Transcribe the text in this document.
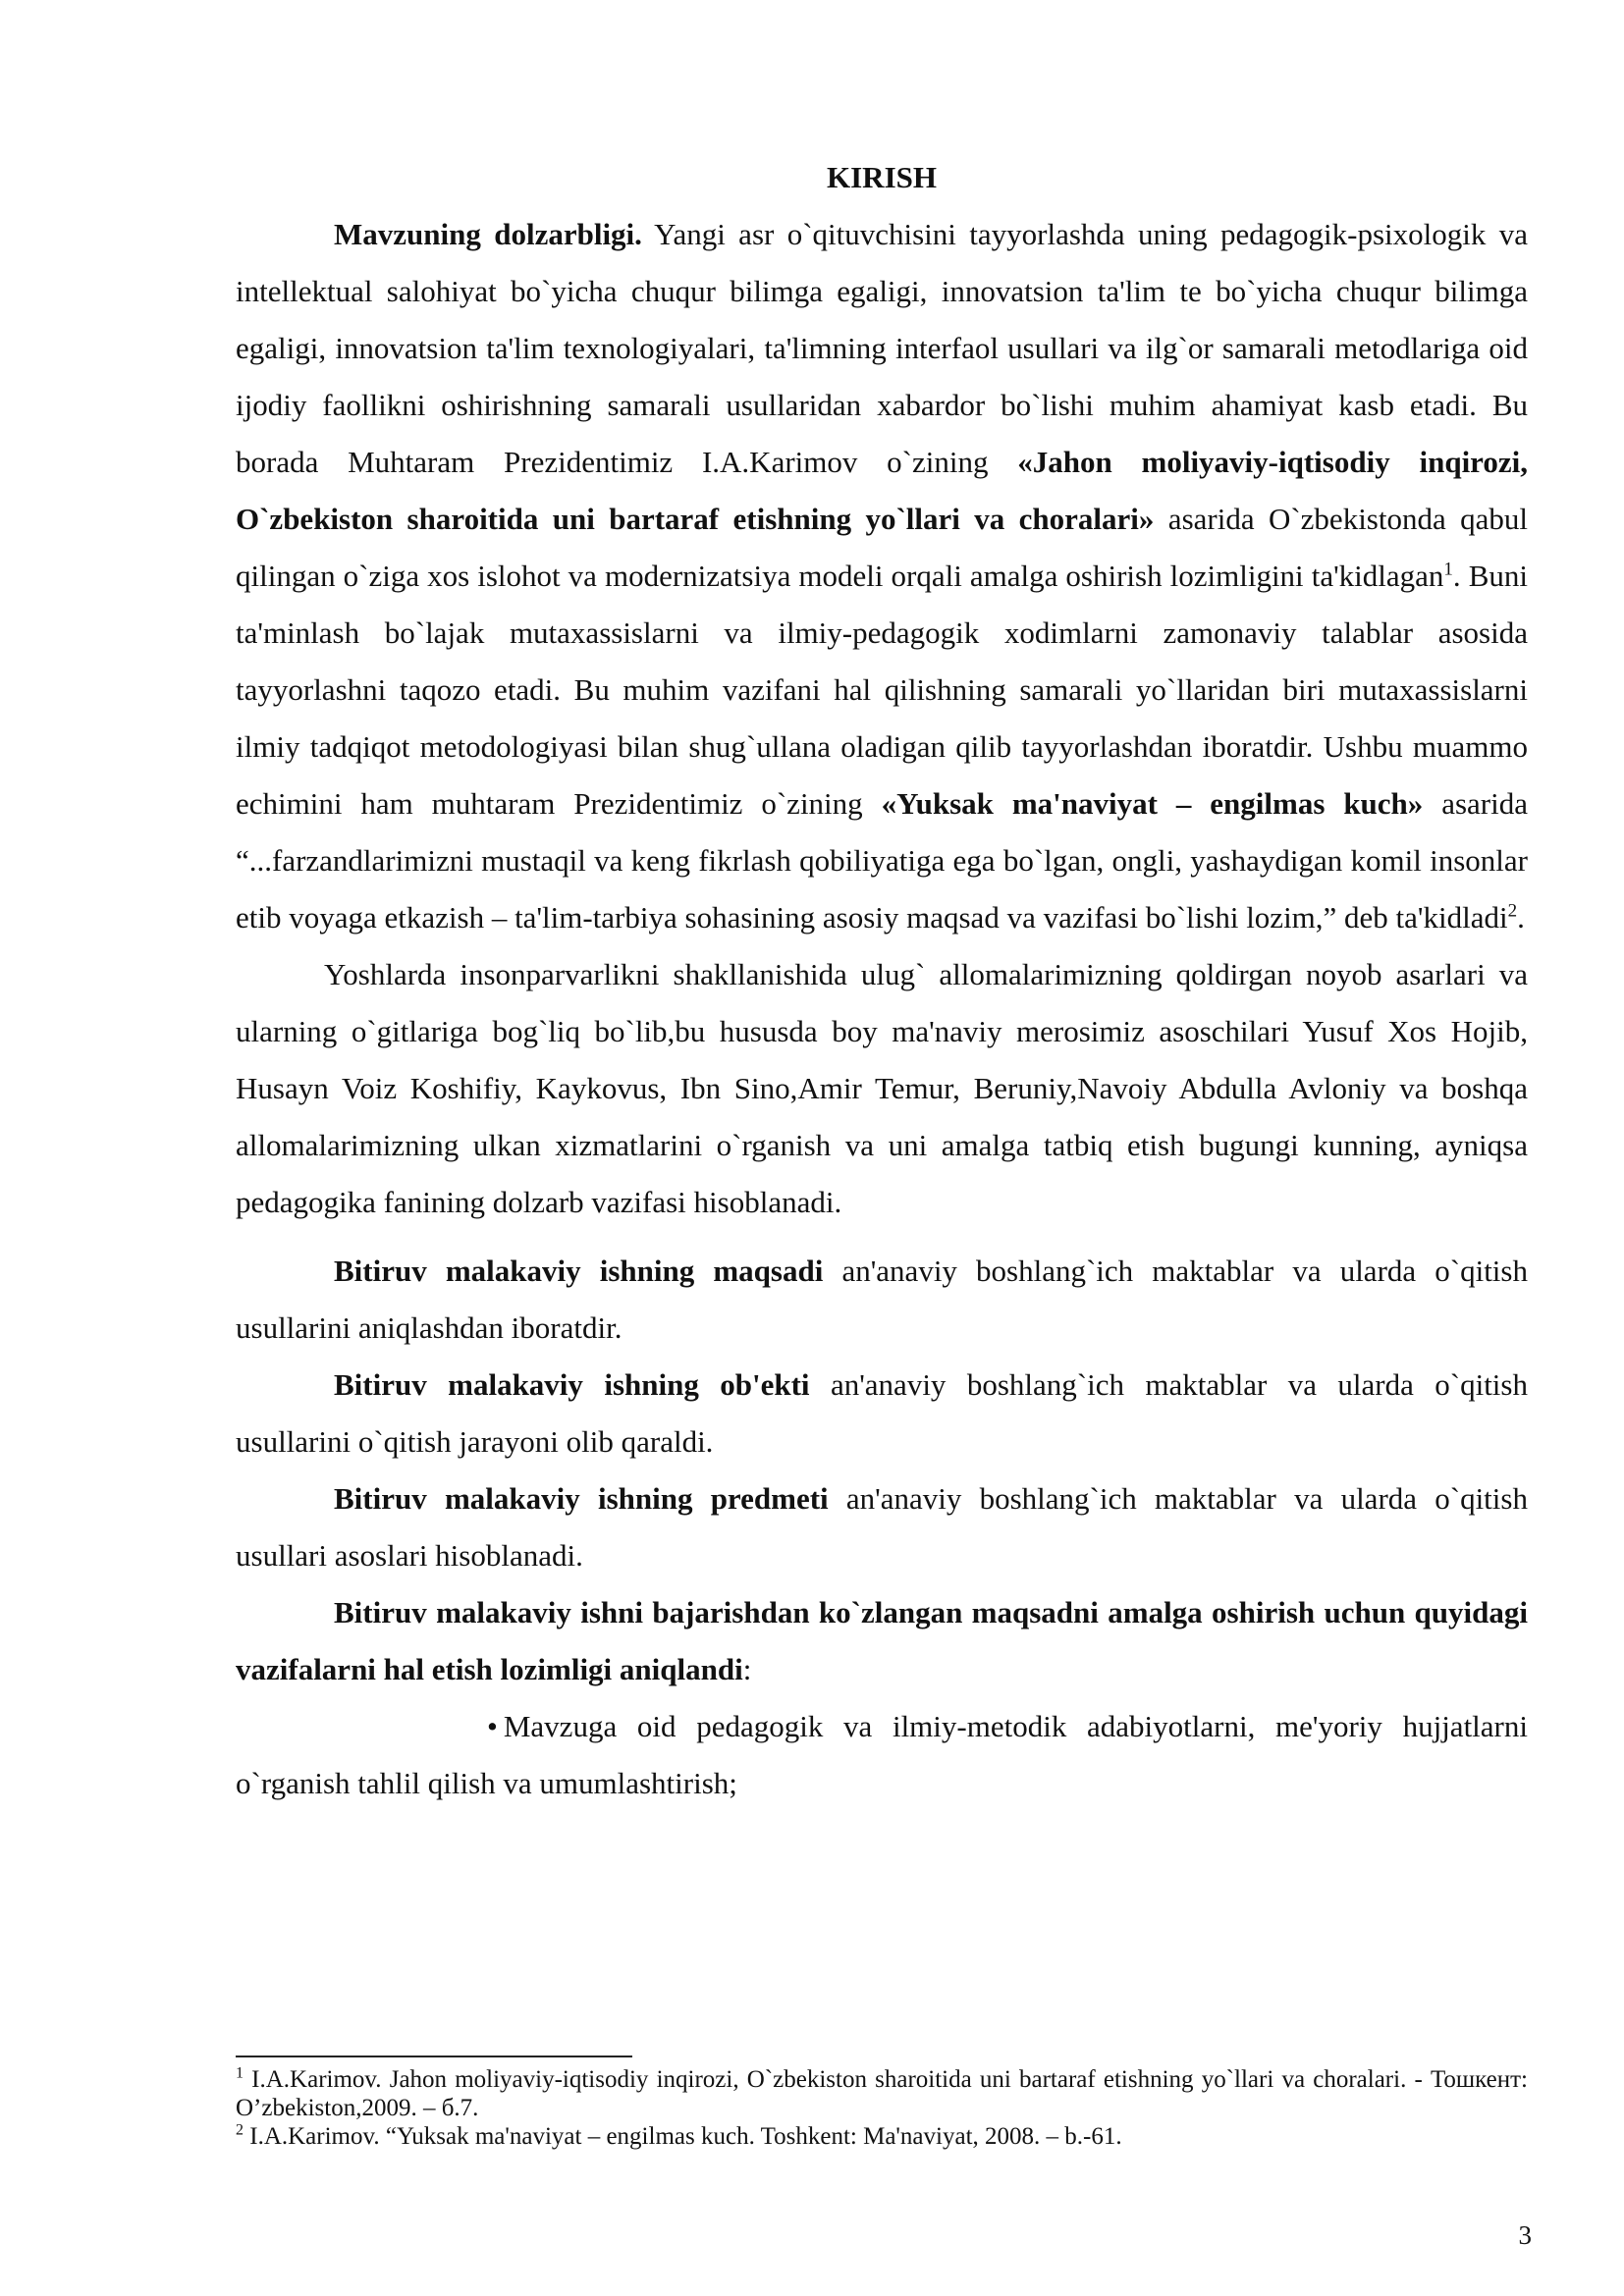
KIRISH

Mavzuning dolzarbligi. Yangi asr o`qituvchisini tayyorlashda uning pedagogik-psixologik va intellektual salohiyat bo`yicha chuqur bilimga egaligi, innovatsion ta'lim te bo`yicha chuqur bilimga egaligi, innovatsion ta'lim texnologiyalari, ta'limning interfaol usullari va ilg`or samarali metodlariga oid ijodiy faollikni oshirishning samarali usullaridan xabardor bo`lishi muhim ahamiyat kasb etadi. Bu borada Muhtaram Prezidentimiz I.A.Karimov o`zining «Jahon moliyaviy-iqtisodiy inqirozi, O`zbekiston sharoitida uni bartaraf etishning yo`llari va choralari» asarida O`zbekistonda qabul qilingan o`ziga xos islohot va modernizatsiya modeli orqali amalga oshirish lozimligini ta'kidlagan$^1$. Buni ta'minlash bo`lajak mutaxassislarni va ilmiy-pedagogik xodimlarni zamonaviy talablar asosida tayyorlashni taqozo etadi. Bu muhim vazifani hal qilishning samarali yo`llaridan biri mutaxassislarni ilmiy tadqiqot metodologiyasi bilan shug`ullana oladigan qilib tayyorlashdan iboratdir. Ushbu muammo echimini ham muhtaram Prezidentimiz o`zining «Yuksak ma'naviyat – engilmas kuch» asarida “...farzandlarimizni mustaqil va keng fikrlash qobiliyatiga ega bo`lgan, ongli, yashaydigan komil insonlar etib voyaga etkazish – ta'lim-tarbiya sohasining asosiy maqsad va vazifasi bo`lishi lozim,” deb ta'kidladi$^2$.

Yoshlarda insonparvarlikni shakllanishida ulug` allomalarimizning qoldirgan noyob asarlari va ularning o`gitlariga bog`liq bo`lib,bu hususda boy ma'naviy merosimiz asoschilari Yusuf Xos Hojib, Husayn Voiz Koshifiy, Kaykovus, Ibn Sino,Amir Temur, Beruniy,Navoiy Abdulla Avloniy va boshqa allomalarimizning ulkan xizmatlarini o`rganish va uni amalga tatbiq etish bugungi kunning, ayniqsa pedagogika fanining dolzarb vazifasi hisoblanadi.

Bitiruv malakaviy ishning maqsadi an'anaviy boshlang`ich maktablar va ularda o`qitish usullarini aniqlashdan iboratdir.

Bitiruv malakaviy ishning ob'ekti an'anaviy boshlang`ich maktablar va ularda o`qitish usullarini o`qitish jarayoni olib qaraldi.

Bitiruv malakaviy ishning predmeti an'anaviy boshlang`ich maktablar va ularda o`qitish usullari asoslari hisoblanadi.

Bitiruv malakaviy ishni bajarishdan ko`zlangan maqsadni amalga oshirish uchun quyidagi vazifalarni hal etish lozimligi aniqlandi:

• Mavzuga oid pedagogik va ilmiy-metodik adabiyotlarni, me'yoriy hujjatlarni o`rganish tahlil qilish va umumlashtirish;

$^1$ I.A.Karimov. Jahon moliyaviy-iqtisodiy inqirozi, O`zbekiston sharoitida uni bartaraf etishning yo`llari va choralari. - Тошкент: O’zbekiston,2009. – б.7.

$^2$ I.A.Karimov. “Yuksak ma'naviyat – engilmas kuch. Toshkent: Ma'naviyat, 2008. – b.-61.

3
